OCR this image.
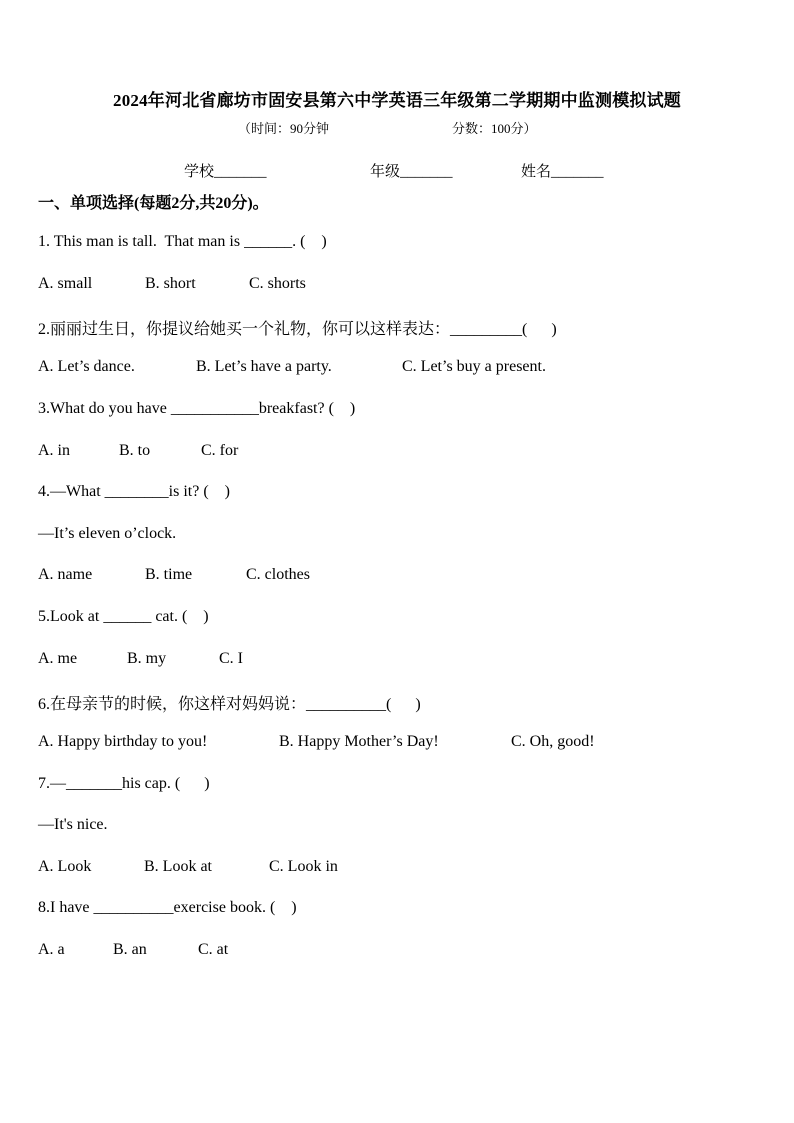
2024年河北省廊坊市固安县第六中学英语三年级第二学期期中监测模拟试题
（时间：90分钟	分数：100分）
学校_______	年级_______	姓名_______
一、单项选择(每题2分,共20分)。
1. This man is tall.  That man is ______. (    )
A. small	B. short	C. shorts
2.丽丽过生日，你提议给她买一个礼物，你可以这样表达：_________(      )
A. Let’s dance.	B. Let’s have a party.	C. Let’s buy a present.
3.What do you have ___________breakfast? (    )
A. in	B. to	C. for
4.—What ________is it? (    )
—It’s eleven o’clock.
A. name	B. time	C. clothes
5.Look at ______ cat. (    )
A. me	B. my	C. I
6.在母亲节的时候，你这样对妈妈说：__________(      )
A. Happy birthday to you!	B. Happy Mother’s Day!	C. Oh, good!
7.—_______his cap. (      )
—It's nice.
A. Look	B. Look at	C. Look in
8.I have __________exercise book. (    )
A. a	B. an	C. at
